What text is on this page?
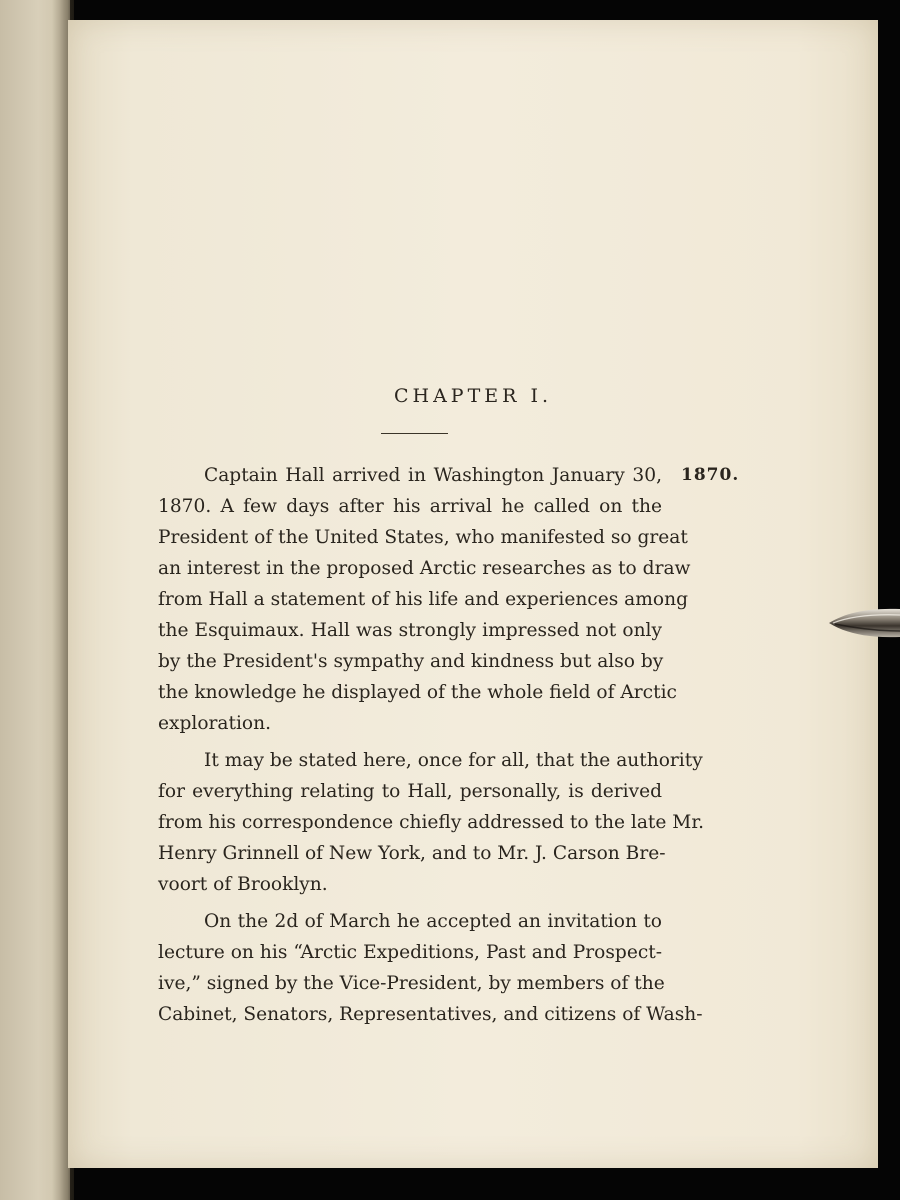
CHAPTER I.
1870.
Captain Hall arrived in Washington January 30,
1870. A few days after his arrival he called on the
President of the United States, who manifested so great
an interest in the proposed Arctic researches as to draw
from Hall a statement of his life and experiences among
the Esquimaux. Hall was strongly impressed not only
by the President's sympathy and kindness but also by
the knowledge he displayed of the whole field of Arctic
exploration.
It may be stated here, once for all, that the authority
for everything relating to Hall, personally, is derived
from his correspondence chiefly addressed to the late Mr.
Henry Grinnell of New York, and to Mr. J. Carson Bre-
voort of Brooklyn.
On the 2d of March he accepted an invitation to
lecture on his “Arctic Expeditions, Past and Prospect-
ive,” signed by the Vice-President, by members of the
Cabinet, Senators, Representatives, and citizens of Wash-
